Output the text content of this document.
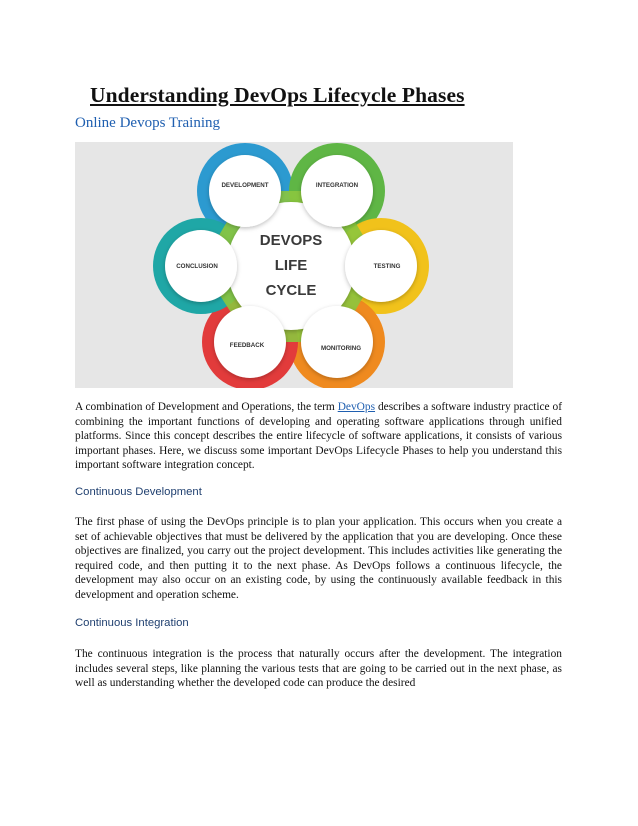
Understanding DevOps Lifecycle Phases
Online Devops Training
DEVOPS
LIFE
CYCLE
DEVELOPMENT	INTEGRATION
TESTING
MONITORING
FEEDBACK
CONCLUSION
A combination of Development and Operations, the term DevOps describes a software industry practice of combining the important functions of developing and operating software applications through unified platforms. Since this concept describes the entire lifecycle of software applications, it consists of various important phases. Here, we discuss some important DevOps Lifecycle Phases to help you understand this important software integration concept.
Continuous Development
The first phase of using the DevOps principle is to plan your application. This occurs when you create a set of achievable objectives that must be delivered by the application that you are developing. Once these objectives are finalized, you carry out the project development. This includes activities like generating the required code, and then putting it to the next phase. As DevOps follows a continuous lifecycle, the development may also occur on an existing code, by using the continuously available feedback in this development and operation scheme.
Continuous Integration
The continuous integration is the process that naturally occurs after the development. The integration includes several steps, like planning the various tests that are going to be carried out in the next phase, as well as understanding whether the developed code can produce the desired
